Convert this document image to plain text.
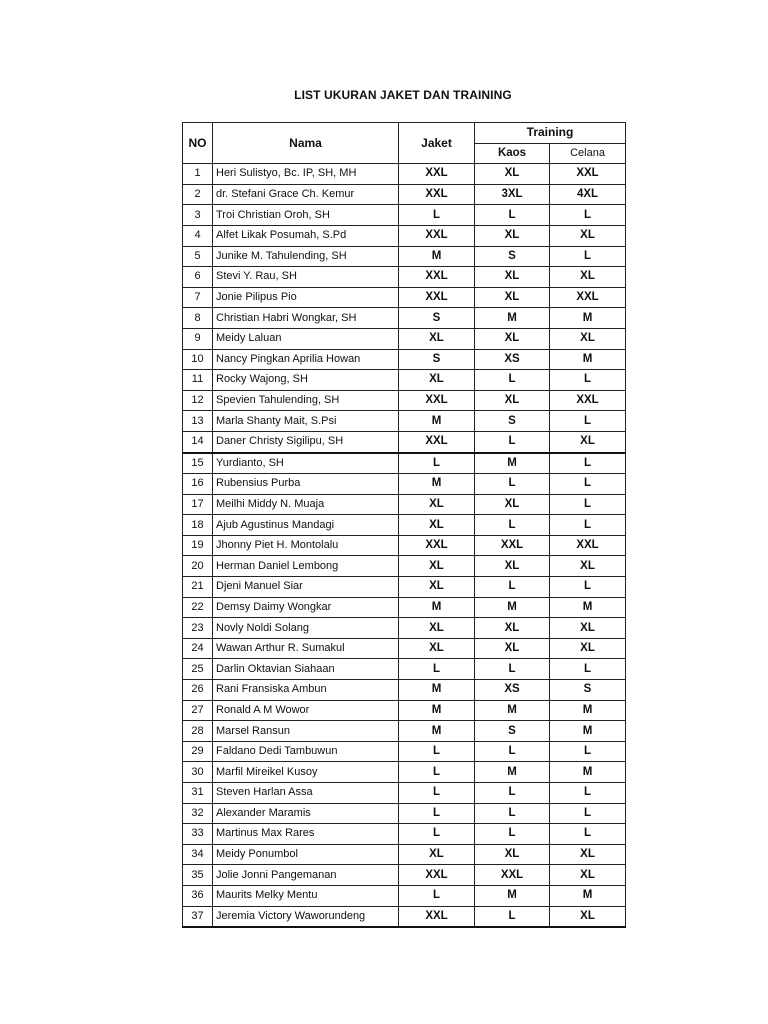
LIST UKURAN JAKET DAN TRAINING
NO	Nama	Jaket	Training	
			Kaos	Celana
1	Heri Sulistyo, Bc. IP, SH, MH	XXL	XL	XXL
2	dr. Stefani Grace Ch. Kemur	XXL	3XL	4XL
3	Troi Christian Oroh, SH	L	L	L
4	Alfet Likak Posumah, S.Pd	XXL	XL	XL
5	Junike M. Tahulending, SH	M	S	L
6	Stevi Y. Rau, SH	XXL	XL	XL
7	Jonie Pilipus Pio	XXL	XL	XXL
8	Christian Habri Wongkar, SH	S	M	M
9	Meidy Laluan	XL	XL	XL
10	Nancy Pingkan Aprilia Howan	S	XS	M
11	Rocky Wajong, SH	XL	L	L
12	Spevien Tahulending, SH	XXL	XL	XXL
13	Marla Shanty Mait, S.Psi	M	S	L
14	Daner Christy Sigilipu, SH	XXL	L	XL
15	Yurdianto, SH	L	M	L
16	Rubensius Purba	M	L	L
17	Meilhi Middy N. Muaja	XL	XL	L
18	Ajub Agustinus Mandagi	XL	L	L
19	Jhonny Piet H. Montolalu	XXL	XXL	XXL
20	Herman Daniel Lembong	XL	XL	XL
21	Djeni Manuel Siar	XL	L	L
22	Demsy Daimy Wongkar	M	M	M
23	Novly Noldi Solang	XL	XL	XL
24	Wawan Arthur R. Sumakul	XL	XL	XL
25	Darlin Oktavian Siahaan	L	L	L
26	Rani Fransiska Ambun	M	XS	S
27	Ronald A M Wowor	M	M	M
28	Marsel Ransun	M	S	M
29	Faldano Dedi Tambuwun	L	L	L
30	Marfil Mireikel Kusoy	L	M	M
31	Steven Harlan Assa	L	L	L
32	Alexander Maramis	L	L	L
33	Martinus Max Rares	L	L	L
34	Meidy Ponumbol	XL	XL	XL
35	Jolie Jonni Pangemanan	XXL	XXL	XL
36	Maurits Melky Mentu	L	M	M
37	Jeremia Victory Waworundeng	XXL	L	XL
